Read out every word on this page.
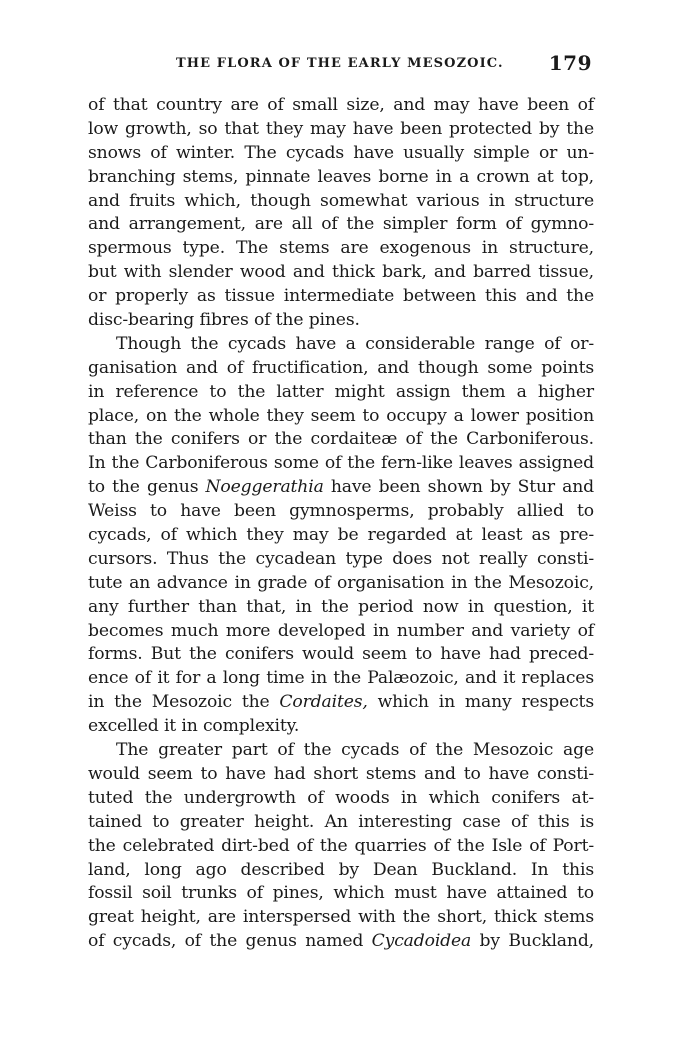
THE FLORA OF THE EARLY MESOZOIC. 179
of that country are of small size, and may have been of
low growth, so that they may have been protected by the
snows of winter. The cycads have usually simple or un-
branching stems, pinnate leaves borne in a crown at top,
and fruits which, though somewhat various in structure
and arrangement, are all of the simpler form of gymno-
spermous type. The stems are exogenous in structure,
but with slender wood and thick bark, and barred tissue,
or properly as tissue intermediate between this and the
disc-bearing fibres of the pines.
Though the cycads have a considerable range of or-
ganisation and of fructification, and though some points
in reference to the latter might assign them a higher
place, on the whole they seem to occupy a lower position
than the conifers or the cordaiteæ of the Carboniferous.
In the Carboniferous some of the fern-like leaves assigned
to the genus Noeggerathia have been shown by Stur and
Weiss to have been gymnosperms, probably allied to
cycads, of which they may be regarded at least as pre-
cursors. Thus the cycadean type does not really consti-
tute an advance in grade of organisation in the Mesozoic,
any further than that, in the period now in question, it
becomes much more developed in number and variety of
forms. But the conifers would seem to have had preced-
ence of it for a long time in the Palæozoic, and it replaces
in the Mesozoic the Cordaites, which in many respects
excelled it in complexity.
The greater part of the cycads of the Mesozoic age
would seem to have had short stems and to have consti-
tuted the undergrowth of woods in which conifers at-
tained to greater height. An interesting case of this is
the celebrated dirt-bed of the quarries of the Isle of Port-
land, long ago described by Dean Buckland. In this
fossil soil trunks of pines, which must have attained to
great height, are interspersed with the short, thick stems
of cycads, of the genus named Cycadoidea by Buckland,
